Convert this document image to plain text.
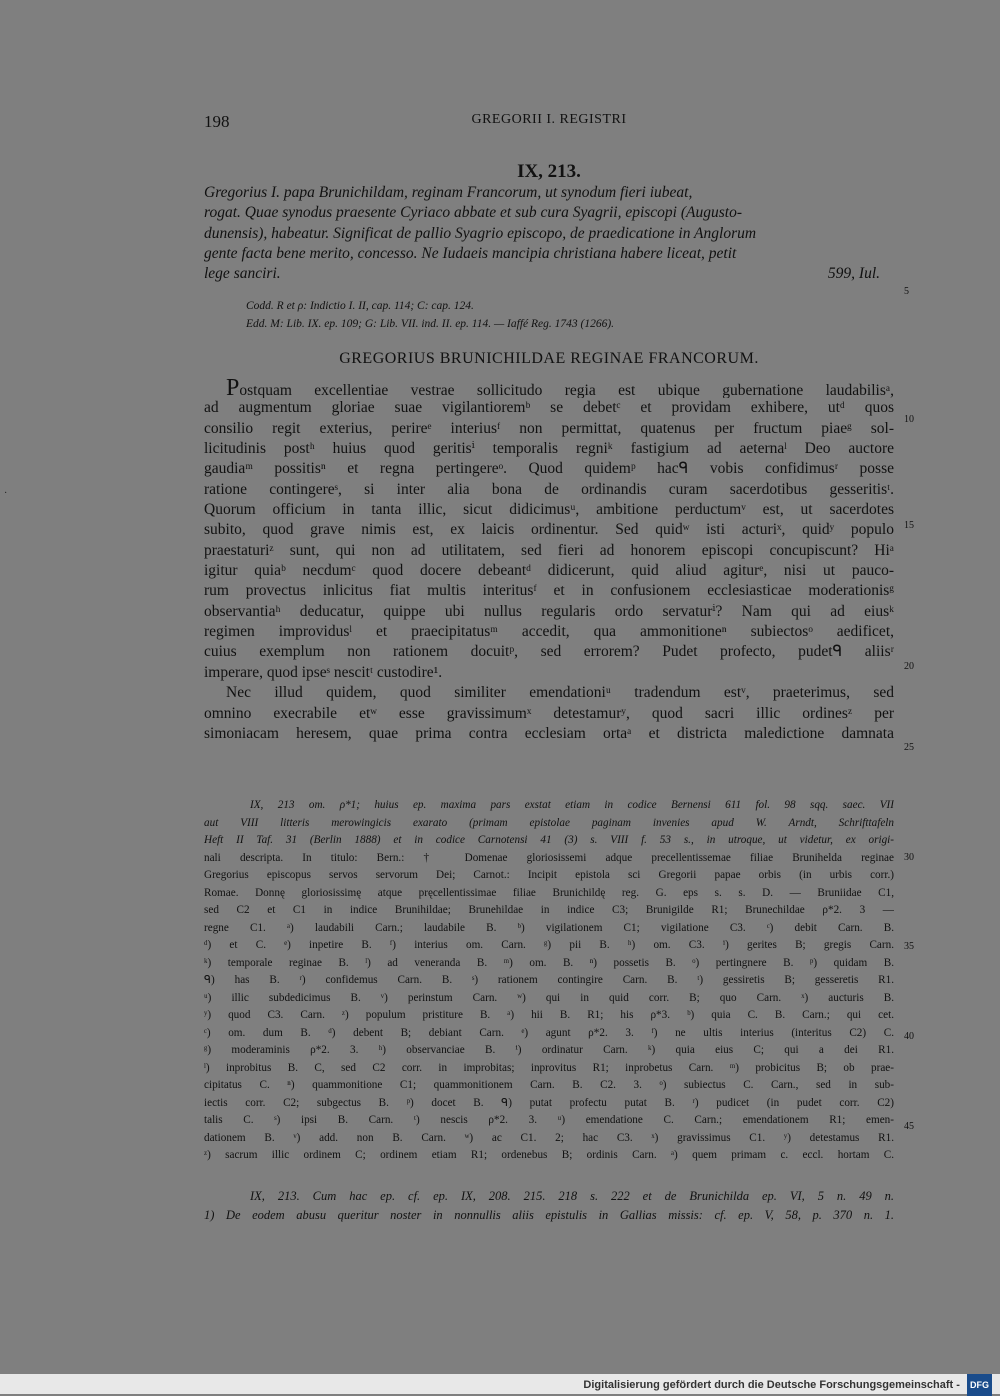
198	GREGORII I. REGISTRI
IX, 213.
Gregorius I. papa Brunichildam, reginam Francorum, ut synodum fieri iubeat,
rogat. Quae synodus praesente Cyriaco abbate et sub cura Syagrii, episcopi (Augusto-
dunensis), habeatur. Significat de pallio Syagrio episcopo, de praedicatione in Anglorum
gente facta bene merito, concesso. Ne Iudaeis mancipia christiana habere liceat, petit
lege sanciri.	599, Iul.
Codd. R et ρ: Indictio I. II, cap. 114; C: cap. 124.
Edd. M: Lib. IX. ep. 109; G: Lib. VII. ind. II. ep. 114. — Iaffé Reg. 1743 (1266).
GREGORIUS BRUNICHILDAE REGINAE FRANCORUM.
Postquam excellentiae vestrae sollicitudo regia est ubique gubernatione laudabilisᵃ,
ad augmentum gloriae suae vigilantioremᵇ se debetᶜ et providam exhibere, utᵈ quos
consilio regit exterius, perireᵉ interiusᶠ non permittat, quatenus per fructum piaeᵍ sol-
licitudinis postʰ huius quod geritisⁱ temporalis regniᵏ fastigium ad aeternaˡ Deo auctore
gaudiaᵐ possitisⁿ et regna pertingereᵒ. Quod quidemᵖ hacᑫ vobis confidimusʳ posse
ratione contingereˢ, si inter alia bona de ordinandis curam sacerdotibus gesseritisᵗ.
Quorum officium in tanta illic, sicut didicimusᵘ, ambitione perductumᵛ est, ut sacerdotes
subito, quod grave nimis est, ex laicis ordinentur. Sed quidʷ isti acturiˣ, quidʸ populo
praestaturiᶻ sunt, qui non ad utilitatem, sed fieri ad honorem episcopi concupiscunt? Hiᵃ
igitur quiaᵇ necdumᶜ quod docere debeantᵈ didicerunt, quid aliud agiturᵉ, nisi ut pauco-
rum provectus inlicitus fiat multis interitusᶠ et in confusionem ecclesiasticae moderationisᵍ
observantiaʰ deducatur, quippe ubi nullus regularis ordo servaturⁱ? Nam qui ad eiusᵏ
regimen improvidusˡ et praecipitatusᵐ accedit, qua ammonitioneⁿ subiectosᵒ aedificet,
cuius exemplum non rationem docuitᵖ, sed errorem? Pudet profecto, pudetᑫ aliisʳ
imperare, quod ipseˢ nescitᵗ custodire¹.
Nec illud quidem, quod similiter emendationiᵘ tradendum estᵛ, praeterimus, sed
omnino execrabile etʷ esse gravissimumˣ detestamurʸ, quod sacri illic ordinesᶻ per
simoniacam heresem, quae prima contra ecclesiam ortaᵃ et districta maledictione damnata
5
10
15
20
25
IX, 213 om. ρ*1; huius ep. maxima pars exstat etiam in codice Bernensi 611 fol. 98 sqq. saec. VII
aut VIII litteris merowingicis exarato (primam epistolae paginam invenies apud W. Arndt, Schrifttafeln
Heft II Taf. 31 (Berlin 1888) et in codice Carnotensi 41 (3) s. VIII f. 53 s., in utroque, ut videtur, ex origi-
nali descripta. In titulo: Bern.: † Domenae gloriosissemi adque precellentissemae filiae Brunihelda reginae
Gregorius episcopus servos servorum Dei; Carnot.: Incipit epistola sci Gregorii papae orbis (in urbis corr.)
Romae. Donnę gloriosissimę atque pręcellentissimae filiae Brunichildę reg. G. eps s. s. D. — Bruniidae C1,
sed C2 et C1 in indice Brunihildae; Brunehildae in indice C3; Brunigilde R1; Brunechildae ρ*2. 3 —
regne C1. ᵃ) laudabili Carn.; laudabile B. ᵇ) vigilationem C1; vigilatione C3. ᶜ) debit Carn. B.
ᵈ) et C. ᵉ) inpetire B. ᶠ) interius om. Carn. ᵍ) pii B. ʰ) om. C3. ⁱ) gerites B; gregis Carn.
ᵏ) temporale reginae B. ˡ) ad veneranda B. ᵐ) om. B. ⁿ) possetis B. ᵒ) pertingnere B. ᵖ) quidam B.
ᑫ) has B. ʳ) confidemus Carn. B. ˢ) rationem contingire Carn. B. ᵗ) gessiretis B; gesseretis R1.
ᵘ) illic subdedicimus B. ᵛ) perinstum Carn. ʷ) qui in quid corr. B; quo Carn. ˣ) aucturis B.
ʸ) quod C3. Carn. ᶻ) populum pristiture B. ᵃ) hii B. R1; his ρ*3. ᵇ) quia C. B. Carn.; qui cet.
ᶜ) om. dum B. ᵈ) debent B; debiant Carn. ᵉ) agunt ρ*2. 3. ᶠ) ne ultis interius (interitus C2) C.
ᵍ) moderaminis ρ*2. 3. ʰ) observanciae B. ⁱ) ordinatur Carn. ᵏ) quia eius C; qui a dei R1.
ˡ) inprobitus B. C, sed C2 corr. in improbitas; inprovitus R1; inprobetus Carn. ᵐ) probicitus B; ob prae-
cipitatus C. ⁿ) quammonitione C1; quammonitionem Carn. B. C2. 3. ᵒ) subiectus C. Carn., sed in sub-
iectis corr. C2; subgectus B. ᵖ) docet B. ᑫ) putat profectu putat B. ʳ) pudicet (in pudet corr. C2)
talis C. ˢ) ipsi B. Carn. ᵗ) nescis ρ*2. 3. ᵘ) emendatione C. Carn.; emendationem R1; emen-
dationem B. ᵛ) add. non B. Carn. ʷ) ac C1. 2; hac C3. ˣ) gravissimus C1. ʸ) detestamus R1.
ᶻ) sacrum illic ordinem C; ordinem etiam R1; ordenebus B; ordinis Carn. ᵃ) quem primam c. eccl. hortam C.
30
35
40
45
IX, 213. Cum hac ep. cf. ep. IX, 208. 215. 218 s. 222 et de Brunichilda ep. VI, 5 n. 49 n.
1) De eodem abusu queritur noster in nonnullis aliis epistulis in Gallias missis: cf. ep. V, 58, p. 370 n. 1.
·
Digitalisierung gefördert durch die Deutsche Forschungsgemeinschaft - DFG
